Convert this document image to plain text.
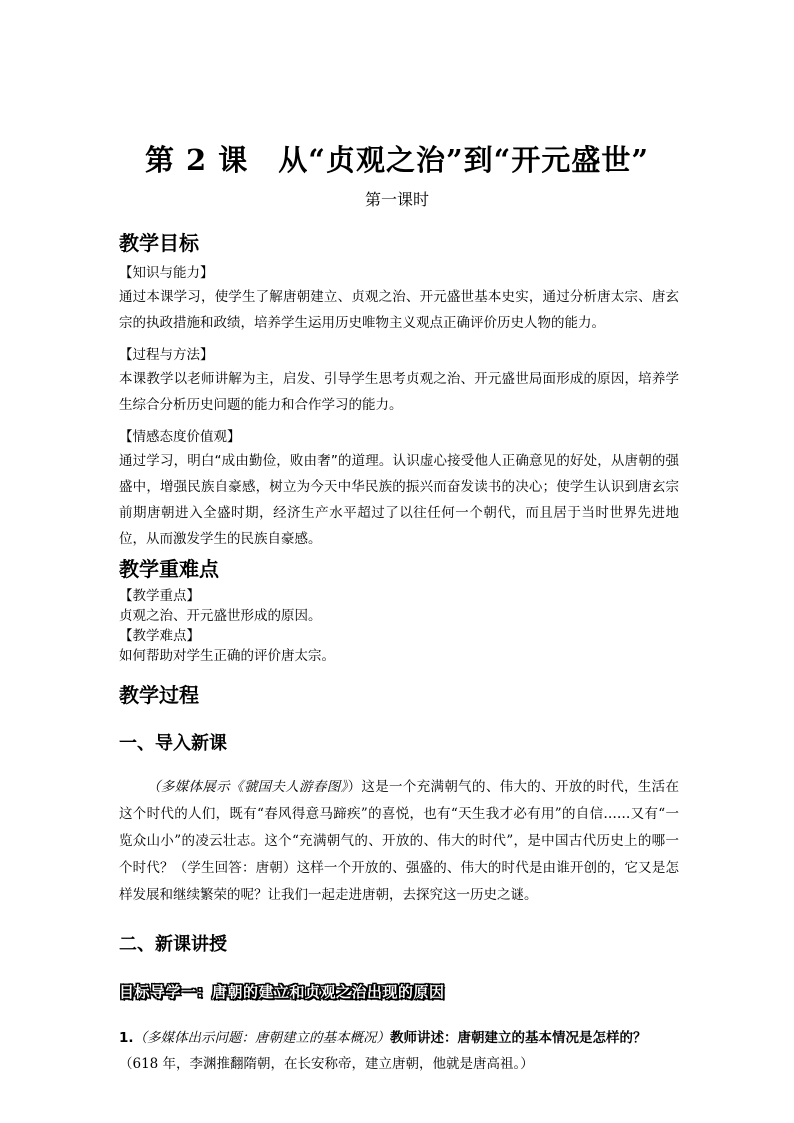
第 2 课　从“贞观之治”到“开元盛世”
第一课时

教学目标

【知识与能力】

通过本课学习，使学生了解唐朝建立、贞观之治、开元盛世基本史实，通过分析唐太宗、唐玄宗的执政措施和政绩，培养学生运用历史唯物主义观点正确评价历史人物的能力。

【过程与方法】

本课教学以老师讲解为主，启发、引导学生思考贞观之治、开元盛世局面形成的原因，培养学生综合分析历史问题的能力和合作学习的能力。

【情感态度价值观】

通过学习，明白“成由勤俭，败由奢”的道理。认识虚心接受他人正确意见的好处，从唐朝的强盛中，增强民族自豪感，树立为今天中华民族的振兴而奋发读书的决心；使学生认识到唐玄宗前期唐朝进入全盛时期，经济生产水平超过了以往任何一个朝代，而且居于当时世界先进地位，从而激发学生的民族自豪感。

教学重难点

【教学重点】

贞观之治、开元盛世形成的原因。

【教学难点】

如何帮助对学生正确的评价唐太宗。

教学过程

一、导入新课

（多媒体展示《虢国夫人游春图》）这是一个充满朝气的、伟大的、开放的时代，生活在这个时代的人们，既有“春风得意马蹄疾”的喜悦，也有“天生我才必有用”的自信……又有“一览众山小”的凌云壮志。这个“充满朝气的、开放的、伟大的时代”，是中国古代历史上的哪一个时代？（学生回答：唐朝）这样一个开放的、强盛的、伟大的时代是由谁开创的，它又是怎样发展和继续繁荣的呢？让我们一起走进唐朝，去探究这一历史之谜。

二、新课讲授

目标导学一：唐朝的建立和贞观之治出现的原因

1.（多媒体出示问题：唐朝建立的基本概况）教师讲述：唐朝建立的基本情况是怎样的？

（618 年，李渊推翻隋朝，在长安称帝，建立唐朝，他就是唐高祖。）
